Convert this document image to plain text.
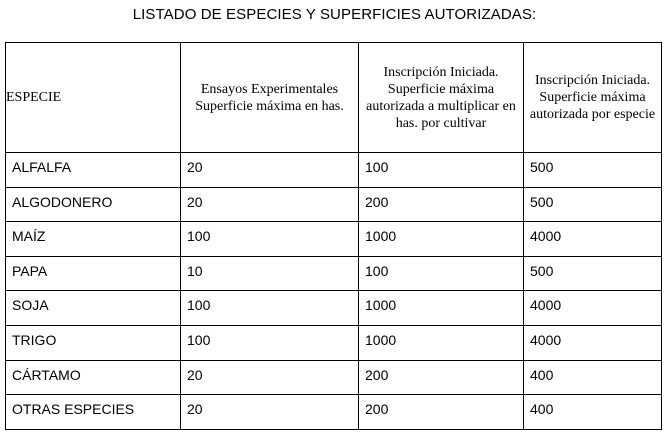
LISTADO DE ESPECIES Y SUPERFICIES AUTORIZADAS:
ESPECIE	Ensayos Experimentales Superficie máxima en has.	Inscripción Iniciada. Superficie máxima autorizada a multiplicar en has. por cultivar	Inscripción Iniciada. Superficie máxima autorizada por especie
ALFALFA	20	100	500
ALGODONERO	20	200	500
MAÍZ	100	1000	4000
PAPA	10	100	500
SOJA	100	1000	4000
TRIGO	100	1000	4000
CÁRTAMO	20	200	400
OTRAS ESPECIES	20	200	400
